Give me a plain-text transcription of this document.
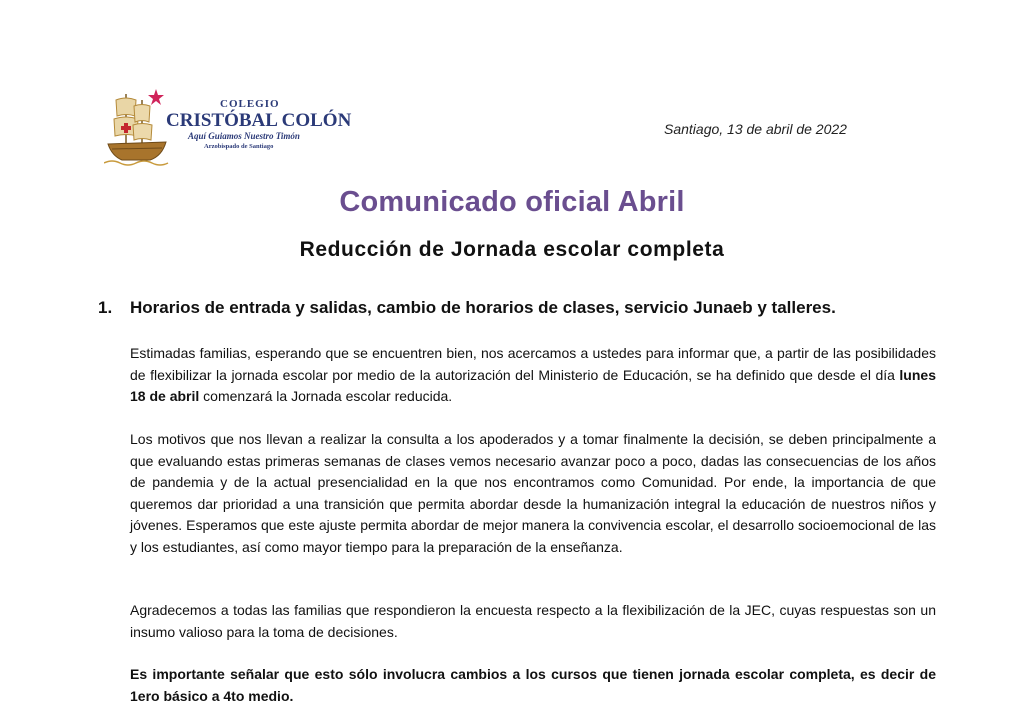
COLEGIO
CRISTÓBAL COLÓN
Aquí Guiamos Nuestro Timón
Arzobispado de Santiago
Santiago, 13 de abril de 2022
Comunicado oficial Abril
Reducción de Jornada escolar completa
1. Horarios de entrada y salidas, cambio de horarios de clases, servicio Junaeb y talleres.

Estimadas familias, esperando que se encuentren bien, nos acercamos a ustedes para informar que, a partir de las posibilidades de flexibilizar la jornada escolar por medio de la autorización del Ministerio de Educación, se ha definido que desde el día lunes 18 de abril comenzará la Jornada escolar reducida.

Los motivos que nos llevan a realizar la consulta a los apoderados y a tomar finalmente la decisión, se deben principalmente a que evaluando estas primeras semanas de clases vemos necesario avanzar poco a poco, dadas las consecuencias de los años de pandemia y de la actual presencialidad en la que nos encontramos como Comunidad. Por ende, la importancia de que queremos dar prioridad a una transición que permita abordar desde la humanización integral la educación de nuestros niños y jóvenes. Esperamos que este ajuste permita abordar de mejor manera la convivencia escolar, el desarrollo socioemocional de las y los estudiantes, así como mayor tiempo para la preparación de la enseñanza.

Agradecemos a todas las familias que respondieron la encuesta respecto a la flexibilización de la JEC, cuyas respuestas son un insumo valioso para la toma de decisiones.

Es importante señalar que esto sólo involucra cambios a los cursos que tienen jornada escolar completa, es decir de 1ero básico a 4to medio.
